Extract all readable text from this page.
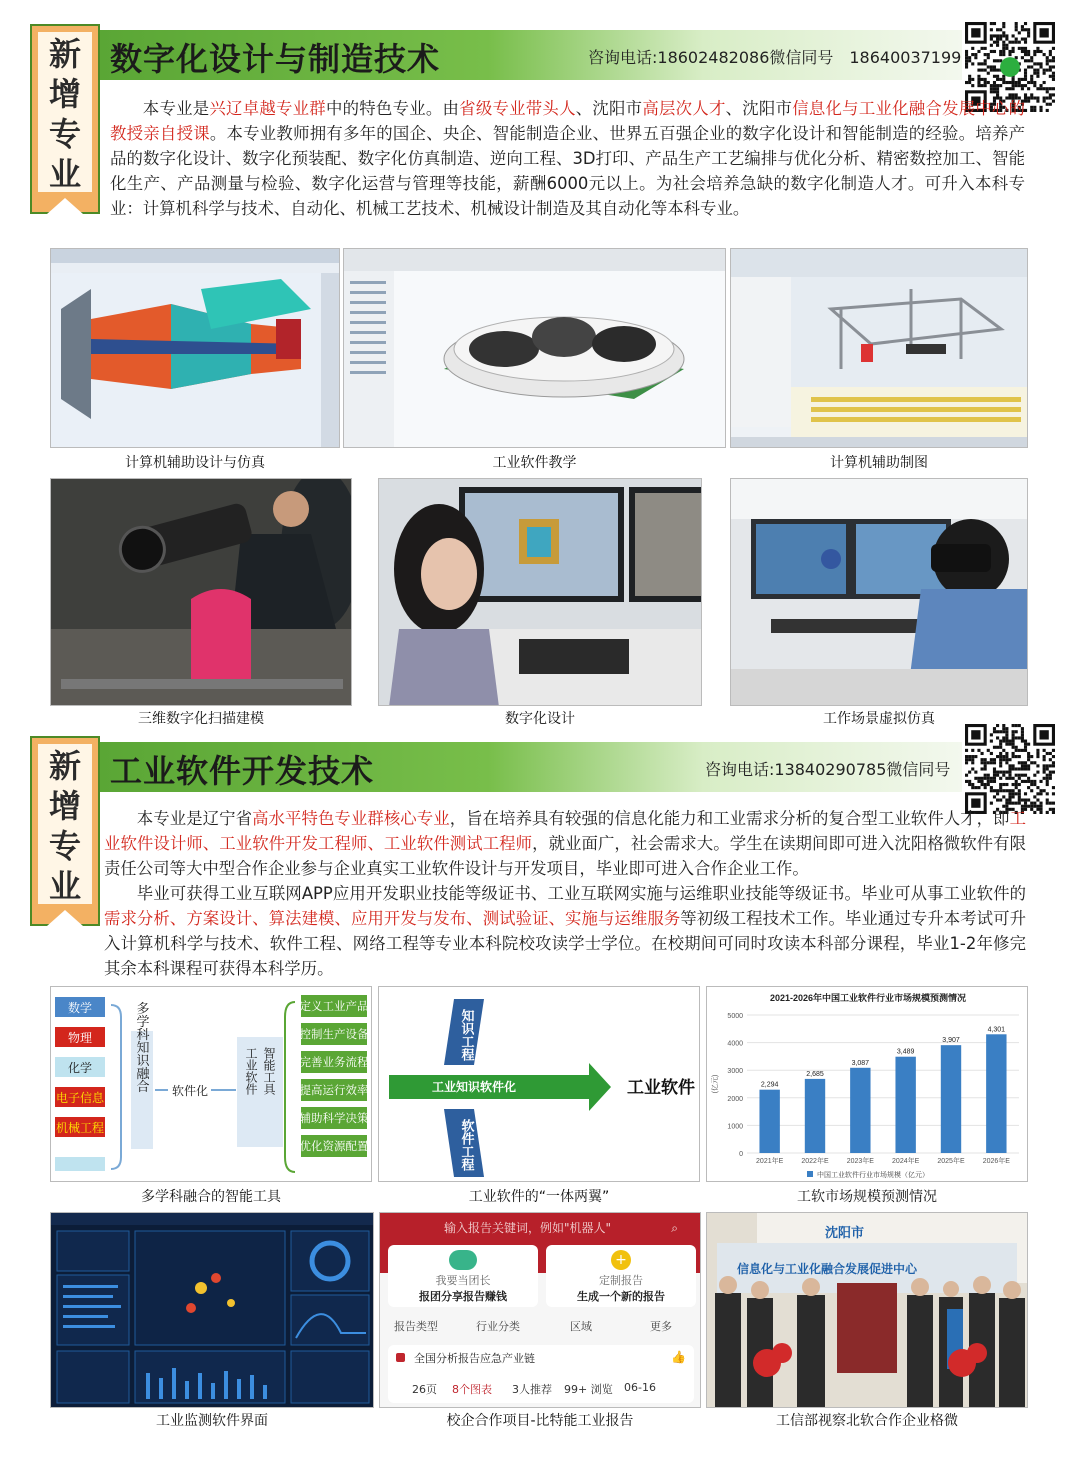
新
增
专
业
数字化设计与制造技术	咨询电话:18602482086微信同号　18640037199
本专业是兴辽卓越专业群中的特色专业。由省级专业带头人、沈阳市高层次人才、沈阳市信息化与工业化融合发展中心的教授亲自授课。本专业教师拥有多年的国企、央企、智能制造企业、世界五百强企业的数字化设计和智能制造的经验。培养产品的数字化设计、数字化预装配、数字化仿真制造、逆向工程、3D打印、产品生产工艺编排与优化分析、精密数控加工、智能化生产、产品测量与检验、数字化运营与管理等技能，薪酬6000元以上。为社会培养急缺的数字化制造人才。可升入本科专业：计算机科学与技术、自动化、机械工艺技术、机械设计制造及其自动化等本科专业。
计算机辅助设计与仿真	工业软件教学	计算机辅助制图
三维数字化扫描建模	数字化设计	工作场景虚拟仿真
新
增
专
业
工业软件开发技术	咨询电话:13840290785微信同号
本专业是辽宁省高水平特色专业群核心专业，旨在培养具有较强的信息化能力和工业需求分析的复合型工业软件人才，即工业软件设计师、工业软件开发工程师、工业软件测试工程师，就业面广，社会需求大。学生在读期间即可进入沈阳格微软件有限责任公司等大中型合作企业参与企业真实工业软件设计与开发项目，毕业即可进入合作企业工作。
毕业可获得工业互联网APP应用开发职业技能等级证书、工业互联网实施与运维职业技能等级证书。毕业可从事工业软件的需求分析、方案设计、算法建模、应用开发与发布、测试验证、实施与运维服务等初级工程技术工作。毕业通过专升本考试可升入计算机科学与技术、软件工程、网络工程等专业本科院校攻读学士学位。在校期间可同时攻读本科部分课程，毕业1-2年修完其余本科课程可获得本科学历。
数学
物理
化学
电子信息
机械工程
多学科知识融合 软件化	工业软件 智能工具
定义工业产品
控制生产设备
完善业务流程
提高运行效率
辅助科学决策
优化资源配置
多学科融合的智能工具
知识工程
工业知识软件化
软件工程
工业软件
工业软件的“一体两翼”
2021-2026年中国工业软件行业市场规模预测情况
0
1000
2000
3000
4000
5000
(亿元)	2,294
2021年E
2,685
2022年E
3,087
2023年E
3,489
2024年E
3,907
2025年E
4,301
2026年E
中国工业软件行业市场规模（亿元）
工软市场规模预测情况
工业监测软件界面
输入报告关键词，例如"机器人"	⌕
我要当团长
报团分享报告赚钱
+
定制报告
生成一个新的报告
报告类型	行业分类	区域	更多
全国分析报告应急产业链	👍
26页 8个图表 3人推荐 99+ 浏览 06-16
校企合作项目-比特能工业报告
沈阳市
信息化与工业化融合发展促进中心
工信部视察北软合作企业格微
